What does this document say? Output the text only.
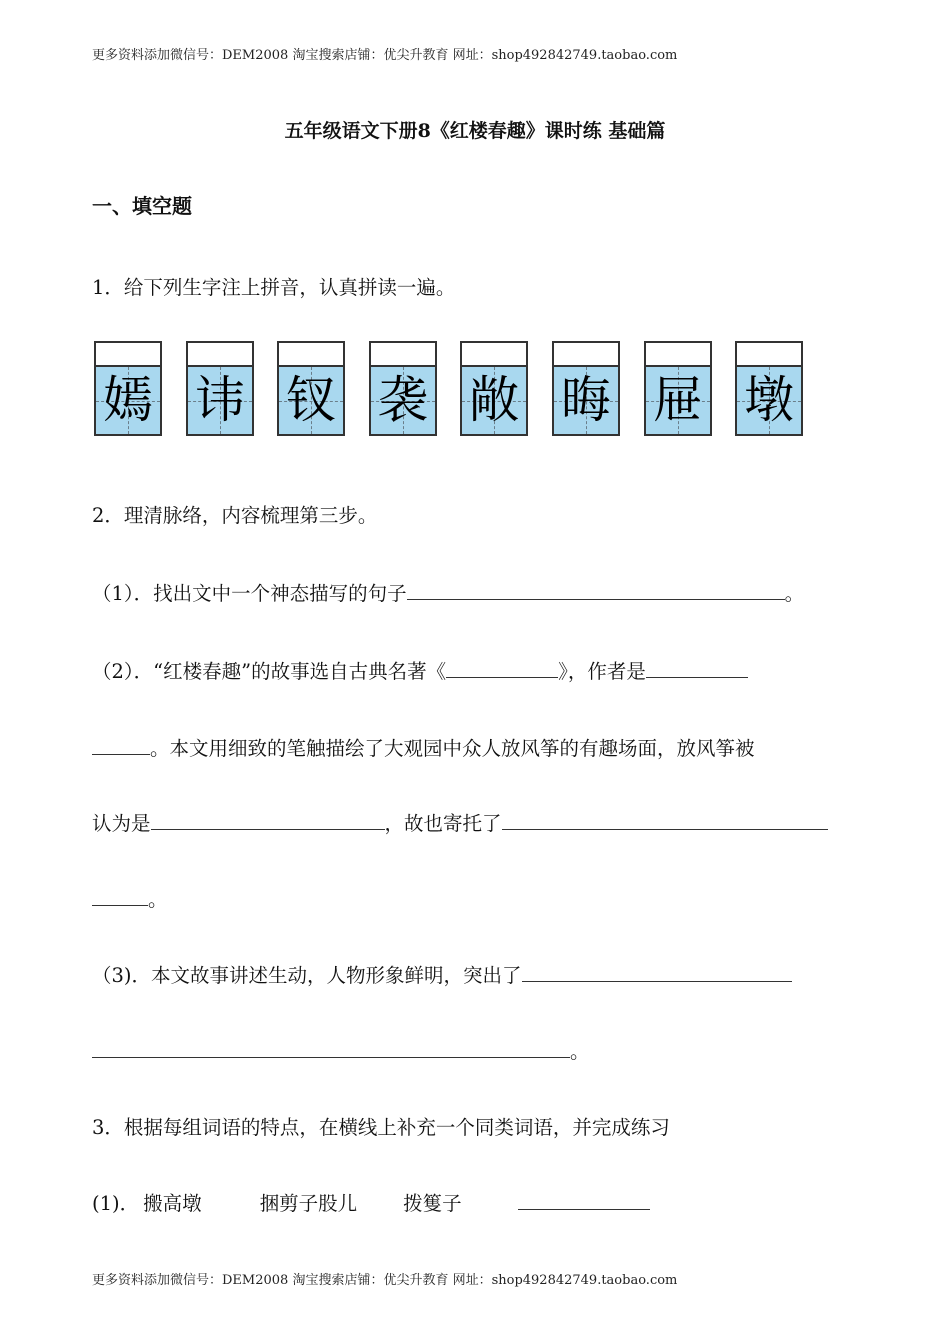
更多资料添加微信号：DEM2008 淘宝搜索店铺：优尖升教育 网址：shop492842749.taobao.com
五年级语文下册8《红楼春趣》课时练 基础篇
一、填空题
1．给下列生字注上拼音，认真拼读一遍。
嫣 讳 钗 袭 敞 晦 屉 墩
2．理清脉络，内容梳理第三步。
（1）．找出文中一个神态描写的句子	。
（2）．“红楼春趣”的故事选自古典名著《	》，作者是
。本文用细致的笔触描绘了大观园中众人放风筝的有趣场面，放风筝被
认为是	，故也寄托了
。
（3)．本文故事讲述生动，人物形象鲜明，突出了
。
3．根据每组词语的特点，在横线上补充一个同类词语，并完成练习
(1)． 搬高墩	捆剪子股儿 拨篗子
更多资料添加微信号：DEM2008 淘宝搜索店铺：优尖升教育 网址：shop492842749.taobao.com
